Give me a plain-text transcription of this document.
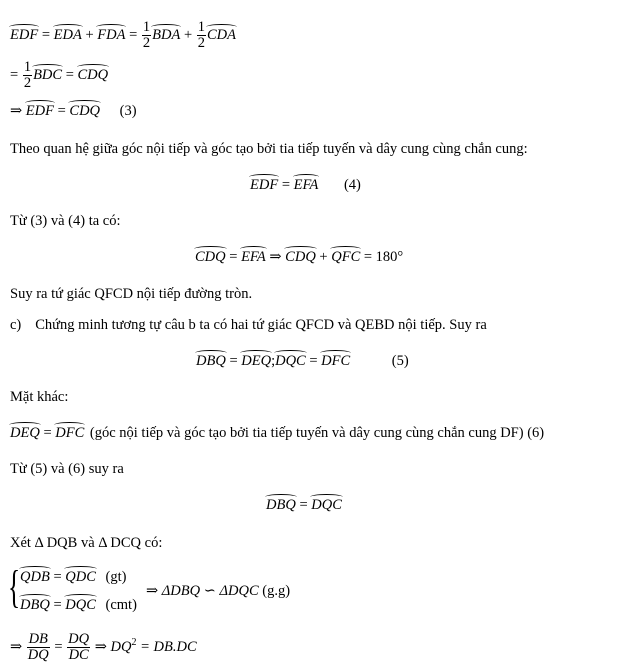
EDF = EDA + FDA = $\frac{1}{2}$ BDA + $\frac{1}{2}$ CDA
= $\frac{1}{2}$ BDC = CDQ
⇒ EDF = CDQ (3)
Theo quan hệ giữa góc nội tiếp và góc tạo bởi tia tiếp tuyến và dây cung cùng chắn cung:
EDF = EFA (4)
Từ (3) và (4) ta có:
CDQ = EFA ⇒ CDQ + QFC = 180°
Suy ra tứ giác QFCD nội tiếp đường tròn.
c) Chứng minh tương tự câu b ta có hai tứ giác QFCD và QEBD nội tiếp. Suy ra
DBQ = DEQ;DQC = DFC	(5)
Mặt khác:
DEQ = DFC (góc nội tiếp và góc tạo bởi tia tiếp tuyến và dây cung cùng chắn cung DF) (6)
Từ (5) và (6) suy ra
DBQ = DQC
Xét Δ DQB và Δ DCQ có:
{ QDB = QDC (gt)
DBQ = DQC (cmt)
⇒ ΔDBQ ∽ ΔDQC (g.g)
⇒ $\frac{DB}{DQ} = \frac{DQ}{DC}$ ⇒ $DQ^2 = DB.DC$
